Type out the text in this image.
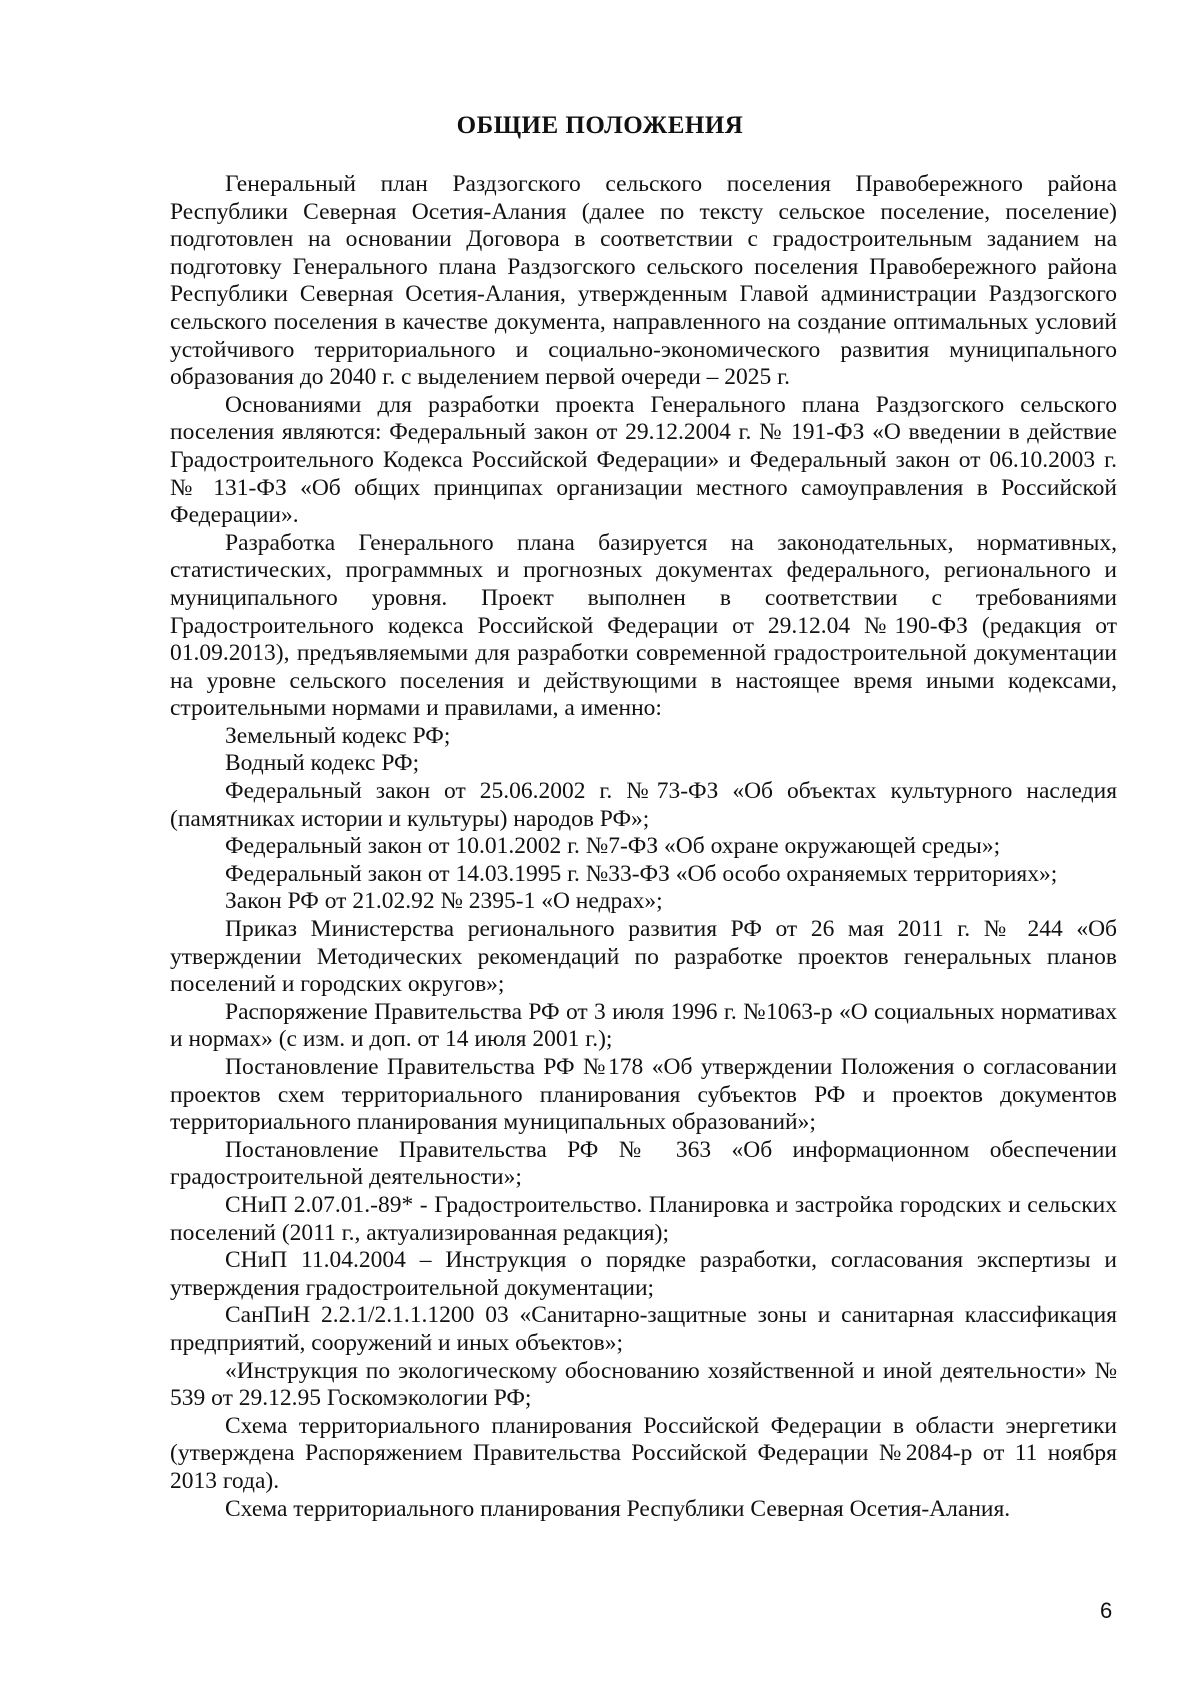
ОБЩИЕ ПОЛОЖЕНИЯ

Генеральный план Раздзогского сельского поселения Правобережного района Республики Северная Осетия-Алания (далее по тексту сельское поселение, поселение) подготовлен на основании Договора в соответствии с градостроительным заданием на подготовку Генерального плана Раздзогского сельского поселения Правобережного района Республики Северная Осетия-Алания, утвержденным Главой администрации Раздзогского сельского поселения в качестве документа, направленного на создание оптимальных условий устойчивого территориального и социально-экономического развития муниципального образования до 2040 г. с выделением первой очереди – 2025 г.

Основаниями для разработки проекта Генерального плана Раздзогского сельского поселения являются: Федеральный закон от 29.12.2004 г. № 191-ФЗ «О введении в действие Градостроительного Кодекса Российской Федерации» и Федеральный закон от 06.10.2003 г. № 131-ФЗ «Об общих принципах организации местного самоуправления в Российской Федерации».

Разработка Генерального плана базируется на законодательных, нормативных, статистических, программных и прогнозных документах федерального, регионального и муниципального уровня. Проект выполнен в соответствии с требованиями Градостроительного кодекса Российской Федерации от 29.12.04 №190-ФЗ (редакция от 01.09.2013), предъявляемыми для разработки современной градостроительной документации на уровне сельского поселения и действующими в настоящее время иными кодексами, строительными нормами и правилами, а именно:

Земельный кодекс РФ;

Водный кодекс РФ;

Федеральный закон от 25.06.2002 г. №73-ФЗ «Об объектах культурного наследия (памятниках истории и культуры) народов РФ»;

Федеральный закон от 10.01.2002 г. №7-ФЗ «Об охране окружающей среды»;

Федеральный закон от 14.03.1995 г. №33-ФЗ «Об особо охраняемых территориях»;

Закон РФ от 21.02.92 № 2395-1 «О недрах»;

Приказ Министерства регионального развития РФ от 26 мая 2011 г. № 244 «Об утверждении Методических рекомендаций по разработке проектов генеральных планов поселений и городских округов»;

Распоряжение Правительства РФ от 3 июля 1996 г. №1063-р «О социальных нормативах и нормах» (с изм. и доп. от 14 июля 2001 г.);

Постановление Правительства РФ №178 «Об утверждении Положения о согласовании проектов схем территориального планирования субъектов РФ и проектов документов территориального планирования муниципальных образований»;

Постановление Правительства РФ № 363 «Об информационном обеспечении градостроительной деятельности»;

СНиП 2.07.01.-89* - Градостроительство. Планировка и застройка городских и сельских поселений (2011 г., актуализированная редакция);

СНиП 11.04.2004 – Инструкция о порядке разработки, согласования экспертизы и утверждения градостроительной документации;

СанПиН 2.2.1/2.1.1.1200 03 «Санитарно-защитные зоны и санитарная классификация предприятий, сооружений и иных объектов»;

«Инструкция по экологическому обоснованию хозяйственной и иной деятельности» № 539 от 29.12.95 Госкомэкологии РФ;

Схема территориального планирования Российской Федерации в области энергетики (утверждена Распоряжением Правительства Российской Федерации №2084-р от 11 ноября 2013 года).

Схема территориального планирования Республики Северная Осетия-Алания.

6
